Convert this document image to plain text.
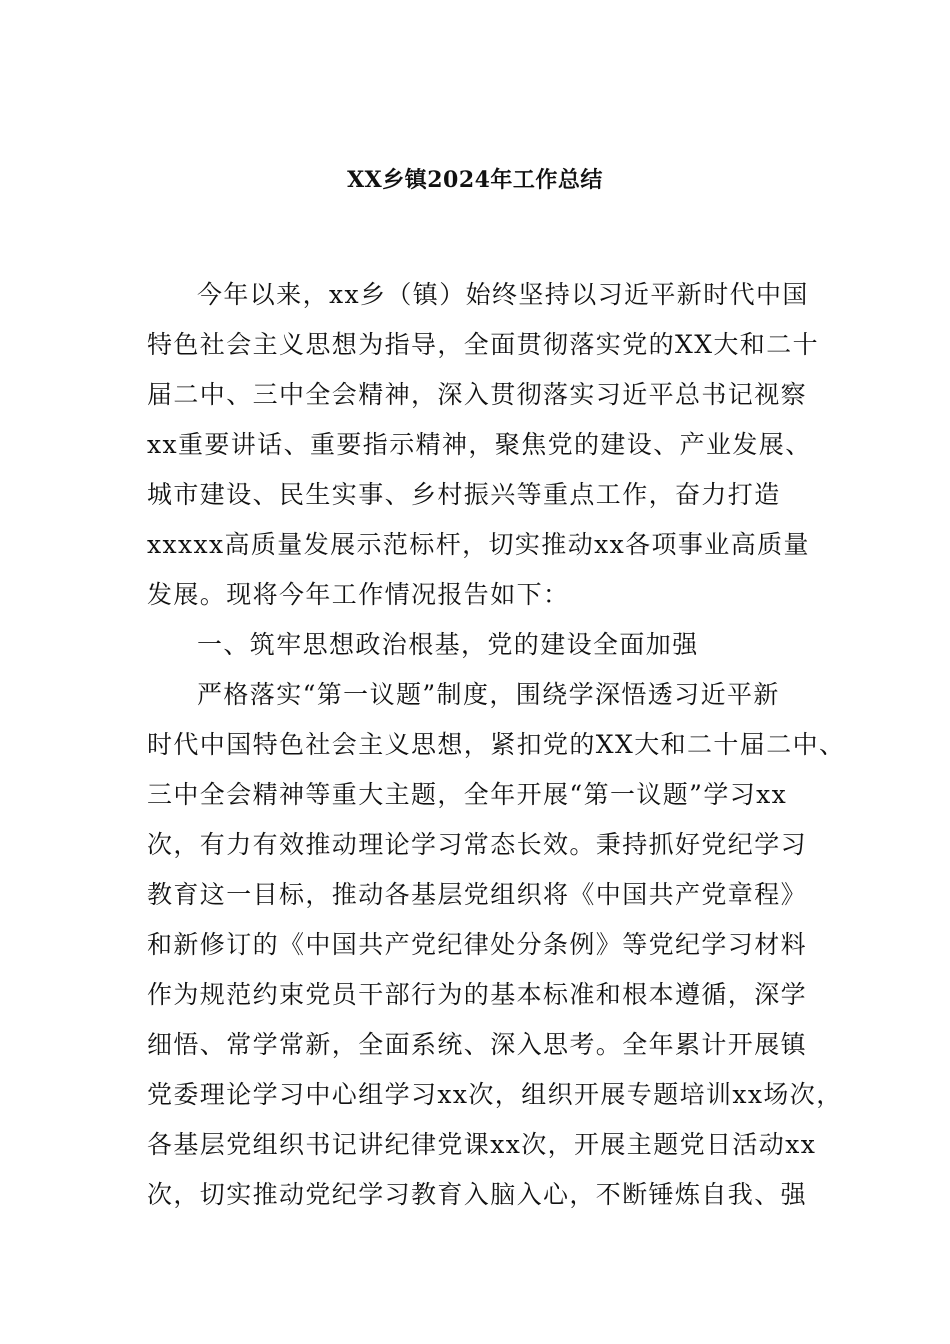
XX乡镇2024年工作总结
今年以来，xx乡（镇）始终坚持以习近平新时代中国
特色社会主义思想为指导，全面贯彻落实党的XX大和二十
届二中、三中全会精神，深入贯彻落实习近平总书记视察
xx重要讲话、重要指示精神，聚焦党的建设、产业发展、
城市建设、民生实事、乡村振兴等重点工作，奋力打造
xxxxx高质量发展示范标杆，切实推动xx各项事业高质量
发展。现将今年工作情况报告如下：
一、筑牢思想政治根基，党的建设全面加强
严格落实“第一议题”制度，围绕学深悟透习近平新
时代中国特色社会主义思想，紧扣党的XX大和二十届二中、
三中全会精神等重大主题，全年开展“第一议题”学习xx
次，有力有效推动理论学习常态长效。秉持抓好党纪学习
教育这一目标，推动各基层党组织将《中国共产党章程》
和新修订的《中国共产党纪律处分条例》等党纪学习材料
作为规范约束党员干部行为的基本标准和根本遵循，深学
细悟、常学常新，全面系统、深入思考。全年累计开展镇
党委理论学习中心组学习xx次，组织开展专题培训xx场次，
各基层党组织书记讲纪律党课xx次，开展主题党日活动xx
次，切实推动党纪学习教育入脑入心，不断锤炼自我、强
